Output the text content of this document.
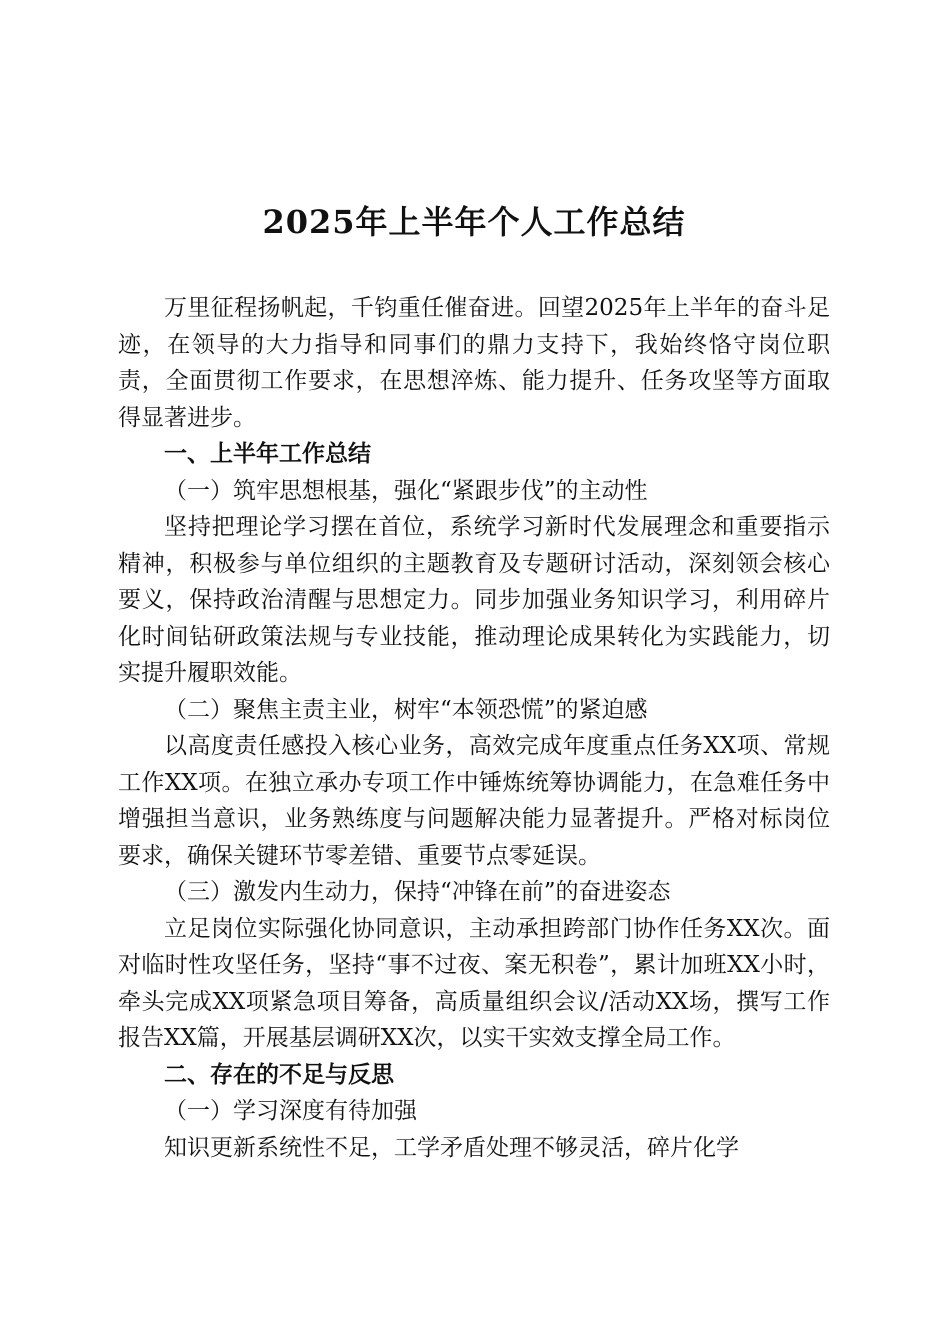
2025年上半年个人工作总结

万里征程扬帆起，千钧重任催奋进。回望2025年上半年的奋斗足迹，在领导的大力指导和同事们的鼎力支持下，我始终恪守岗位职责，全面贯彻工作要求，在思想淬炼、能力提升、任务攻坚等方面取得显著进步。

一、上半年工作总结

（一）筑牢思想根基，强化“紧跟步伐”的主动性

坚持把理论学习摆在首位，系统学习新时代发展理念和重要指示精神，积极参与单位组织的主题教育及专题研讨活动，深刻领会核心要义，保持政治清醒与思想定力。同步加强业务知识学习，利用碎片化时间钻研政策法规与专业技能，推动理论成果转化为实践能力，切实提升履职效能。

（二）聚焦主责主业，树牢“本领恐慌”的紧迫感

以高度责任感投入核心业务，高效完成年度重点任务XX项、常规工作XX项。在独立承办专项工作中锤炼统筹协调能力，在急难任务中增强担当意识，业务熟练度与问题解决能力显著提升。严格对标岗位要求，确保关键环节零差错、重要节点零延误。

（三）激发内生动力，保持“冲锋在前”的奋进姿态

立足岗位实际强化协同意识，主动承担跨部门协作任务XX次。面对临时性攻坚任务，坚持“事不过夜、案无积卷”，累计加班XX小时，牵头完成XX项紧急项目筹备，高质量组织会议/活动XX场，撰写工作报告XX篇，开展基层调研XX次，以实干实效支撑全局工作。

二、存在的不足与反思

（一）学习深度有待加强

知识更新系统性不足，工学矛盾处理不够灵活，碎片化学
